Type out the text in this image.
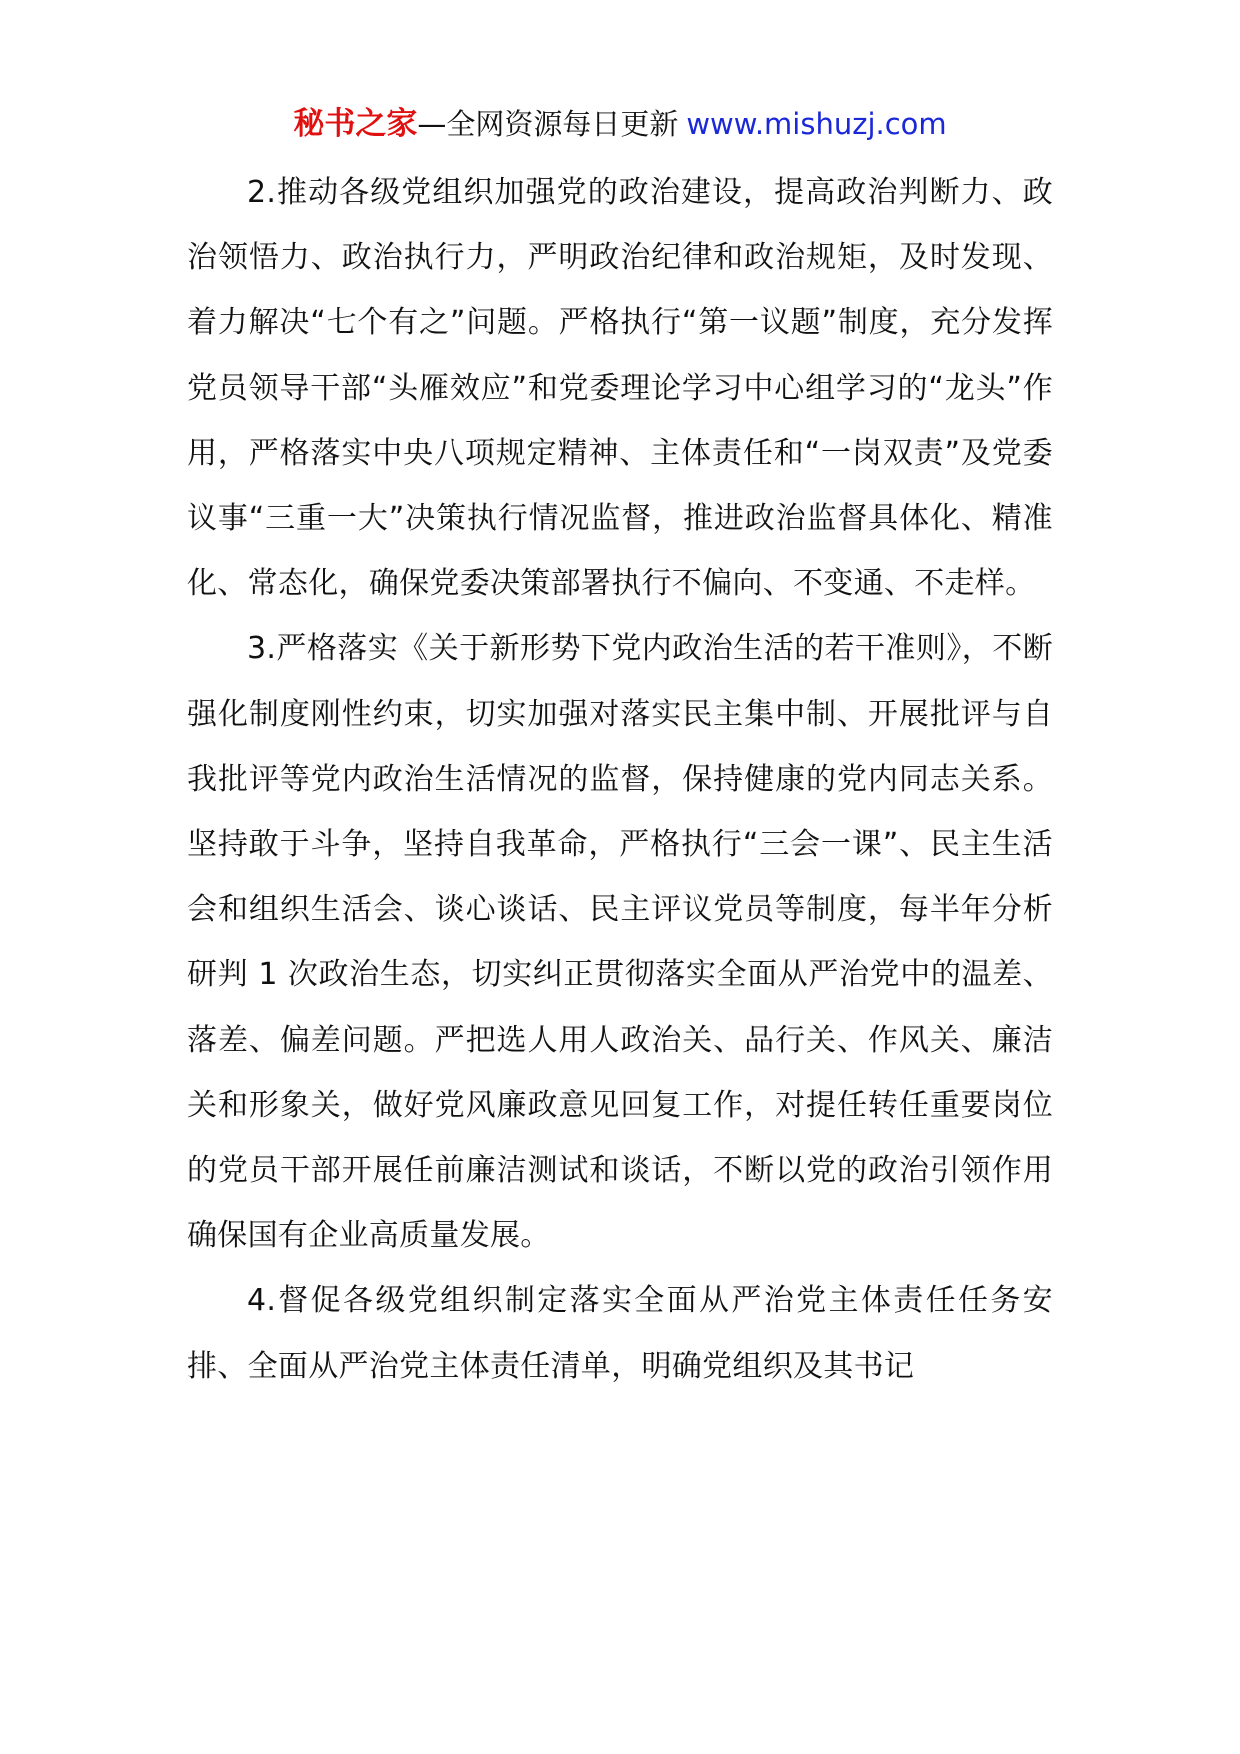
秘书之家—全网资源每日更新 www.mishuzj.com

2.推动各级党组织加强党的政治建设，提高政治判断力、政治领悟力、政治执行力，严明政治纪律和政治规矩，及时发现、着力解决“七个有之”问题。严格执行“第一议题”制度，充分发挥党员领导干部“头雁效应”和党委理论学习中心组学习的“龙头”作用，严格落实中央八项规定精神、主体责任和“一岗双责”及党委议事“三重一大”决策执行情况监督，推进政治监督具体化、精准化、常态化，确保党委决策部署执行不偏向、不变通、不走样。

3.严格落实《关于新形势下党内政治生活的若干准则》，不断强化制度刚性约束，切实加强对落实民主集中制、开展批评与自我批评等党内政治生活情况的监督，保持健康的党内同志关系。坚持敢于斗争，坚持自我革命，严格执行“三会一课”、民主生活会和组织生活会、谈心谈话、民主评议党员等制度，每半年分析研判 1 次政治生态，切实纠正贯彻落实全面从严治党中的温差、落差、偏差问题。严把选人用人政治关、品行关、作风关、廉洁关和形象关，做好党风廉政意见回复工作，对提任转任重要岗位的党员干部开展任前廉洁测试和谈话，不断以党的政治引领作用确保国有企业高质量发展。

4.督促各级党组织制定落实全面从严治党主体责任任务安排、全面从严治党主体责任清单，明确党组织及其书记
